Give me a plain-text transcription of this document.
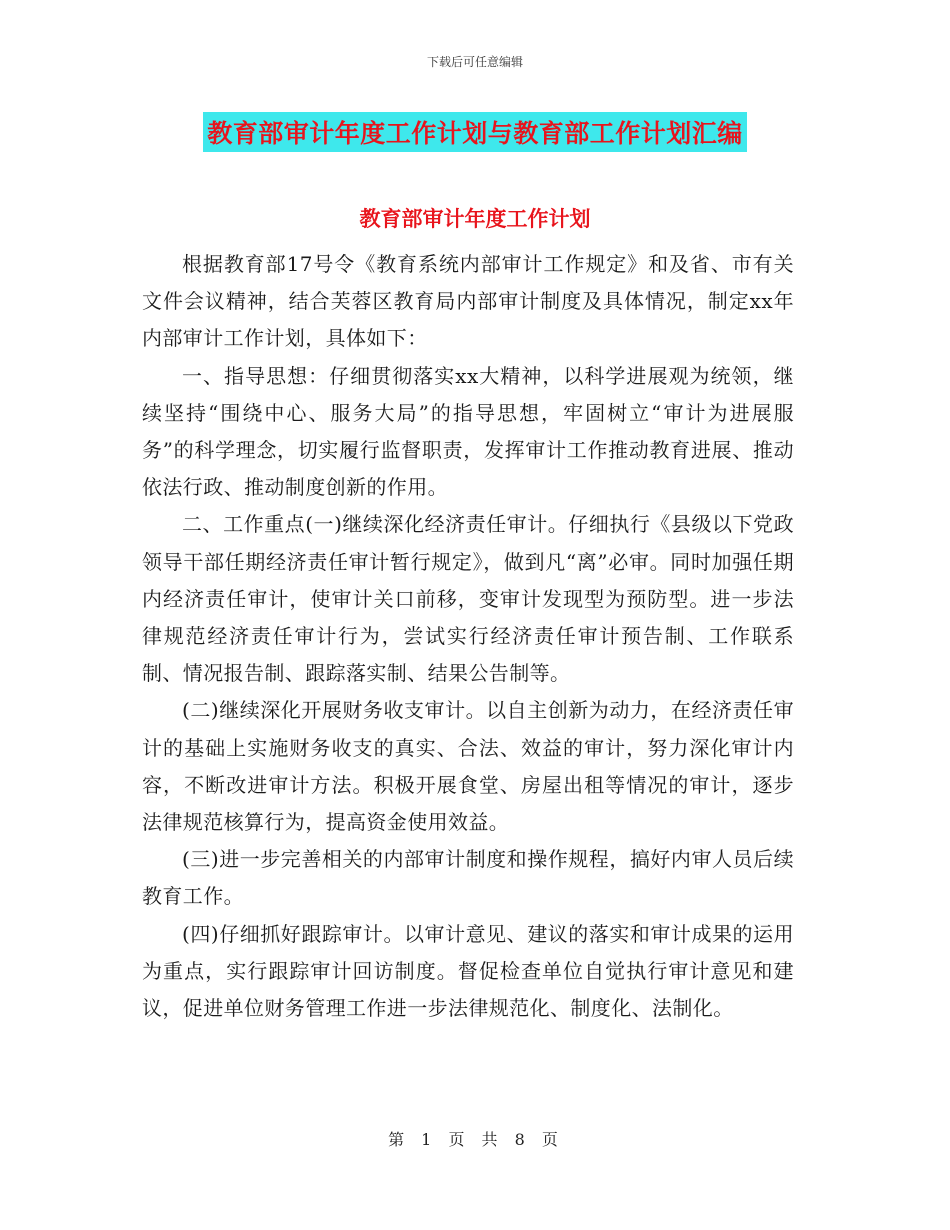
下载后可任意编辑
教育部审计年度工作计划与教育部工作计划汇编
教育部审计年度工作计划

根据教育部17号令《教育系统内部审计工作规定》和及省、市有关文件会议精神，结合芙蓉区教育局内部审计制度及具体情况，制定xx年内部审计工作计划，具体如下：

一、指导思想：仔细贯彻落实xx大精神，以科学进展观为统领，继续坚持“围绕中心、服务大局”的指导思想，牢固树立“审计为进展服务”的科学理念，切实履行监督职责，发挥审计工作推动教育进展、推动依法行政、推动制度创新的作用。

二、工作重点(一)继续深化经济责任审计。仔细执行《县级以下党政领导干部任期经济责任审计暂行规定》，做到凡“离”必审。同时加强任期内经济责任审计，使审计关口前移，变审计发现型为预防型。进一步法律规范经济责任审计行为，尝试实行经济责任审计预告制、工作联系制、情况报告制、跟踪落实制、结果公告制等。

(二)继续深化开展财务收支审计。以自主创新为动力，在经济责任审计的基础上实施财务收支的真实、合法、效益的审计，努力深化审计内容，不断改进审计方法。积极开展食堂、房屋出租等情况的审计，逐步法律规范核算行为，提高资金使用效益。

(三)进一步完善相关的内部审计制度和操作规程，搞好内审人员后续教育工作。

(四)仔细抓好跟踪审计。以审计意见、建议的落实和审计成果的运用为重点，实行跟踪审计回访制度。督促检查单位自觉执行审计意见和建议，促进单位财务管理工作进一步法律规范化、制度化、法制化。

第 1 页 共 8 页
